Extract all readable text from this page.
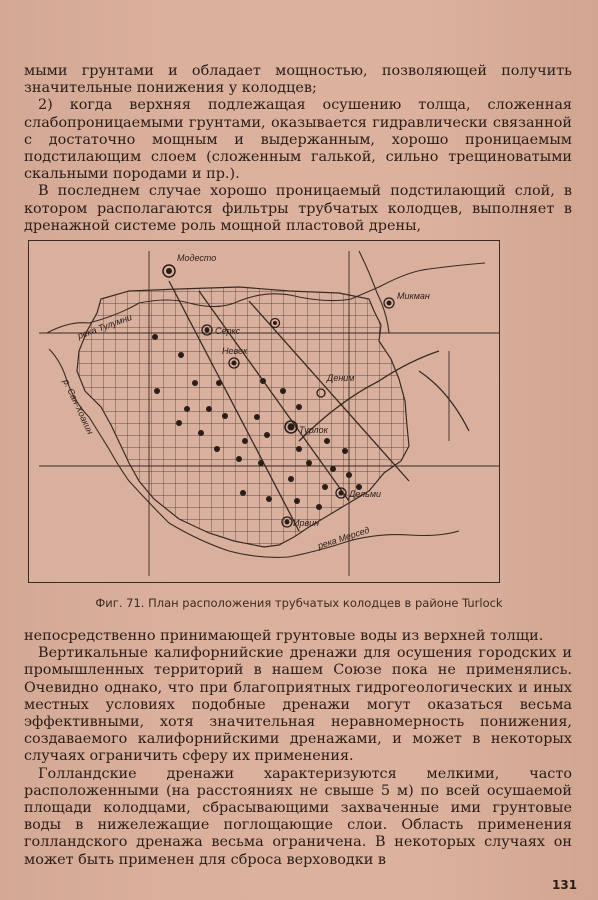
мыми грунтами и обладает мощностью, позволяющей получить значительные понижения у колодцев;

2) когда верхняя подлежащая осушению толща, сложенная слабопроницаемыми грунтами, оказывается гидравлически связанной с достаточно мощным и выдержанным, хорошо проницаемым подстилающим слоем (сложенным галькой, сильно трещиноватыми скальными породами и пр.).

В последнем случае хорошо проницаемый подстилающий слой, в котором располагаются фильтры трубчатых колодцев, выполняет в дренажной системе роль мощной пластовой дрены,

Модесто
Микман
Серкс
Невек
Деним
Турлок
Дельми
Ирвин
река Тулумни
р. Сан-Хоакин
река Мерсед
Фиг. 71. План расположения трубчатых колодцев в районе Turlock

непосредственно принимающей грунтовые воды из верхней толщи.

Вертикальные калифорнийские дренажи для осушения городских и промышленных территорий в нашем Союзе пока не применялись. Очевидно однако, что при благоприятных гидрогеологических и иных местных условиях подобные дренажи могут оказаться весьма эффективными, хотя значительная неравномерность понижения, создаваемого калифорнийскими дренажами, и может в некоторых случаях ограничить сферу их применения.

Голландские дренажи характеризуются мелкими, часто расположенными (на расстояниях не свыше 5 м) по всей осушаемой площади колодцами, сбрасывающими захваченные ими грунтовые воды в нижележащие поглощающие слои. Область применения голландского дренажа весьма ограничена. В некоторых случаях он может быть применен для сброса верховодки в

131
